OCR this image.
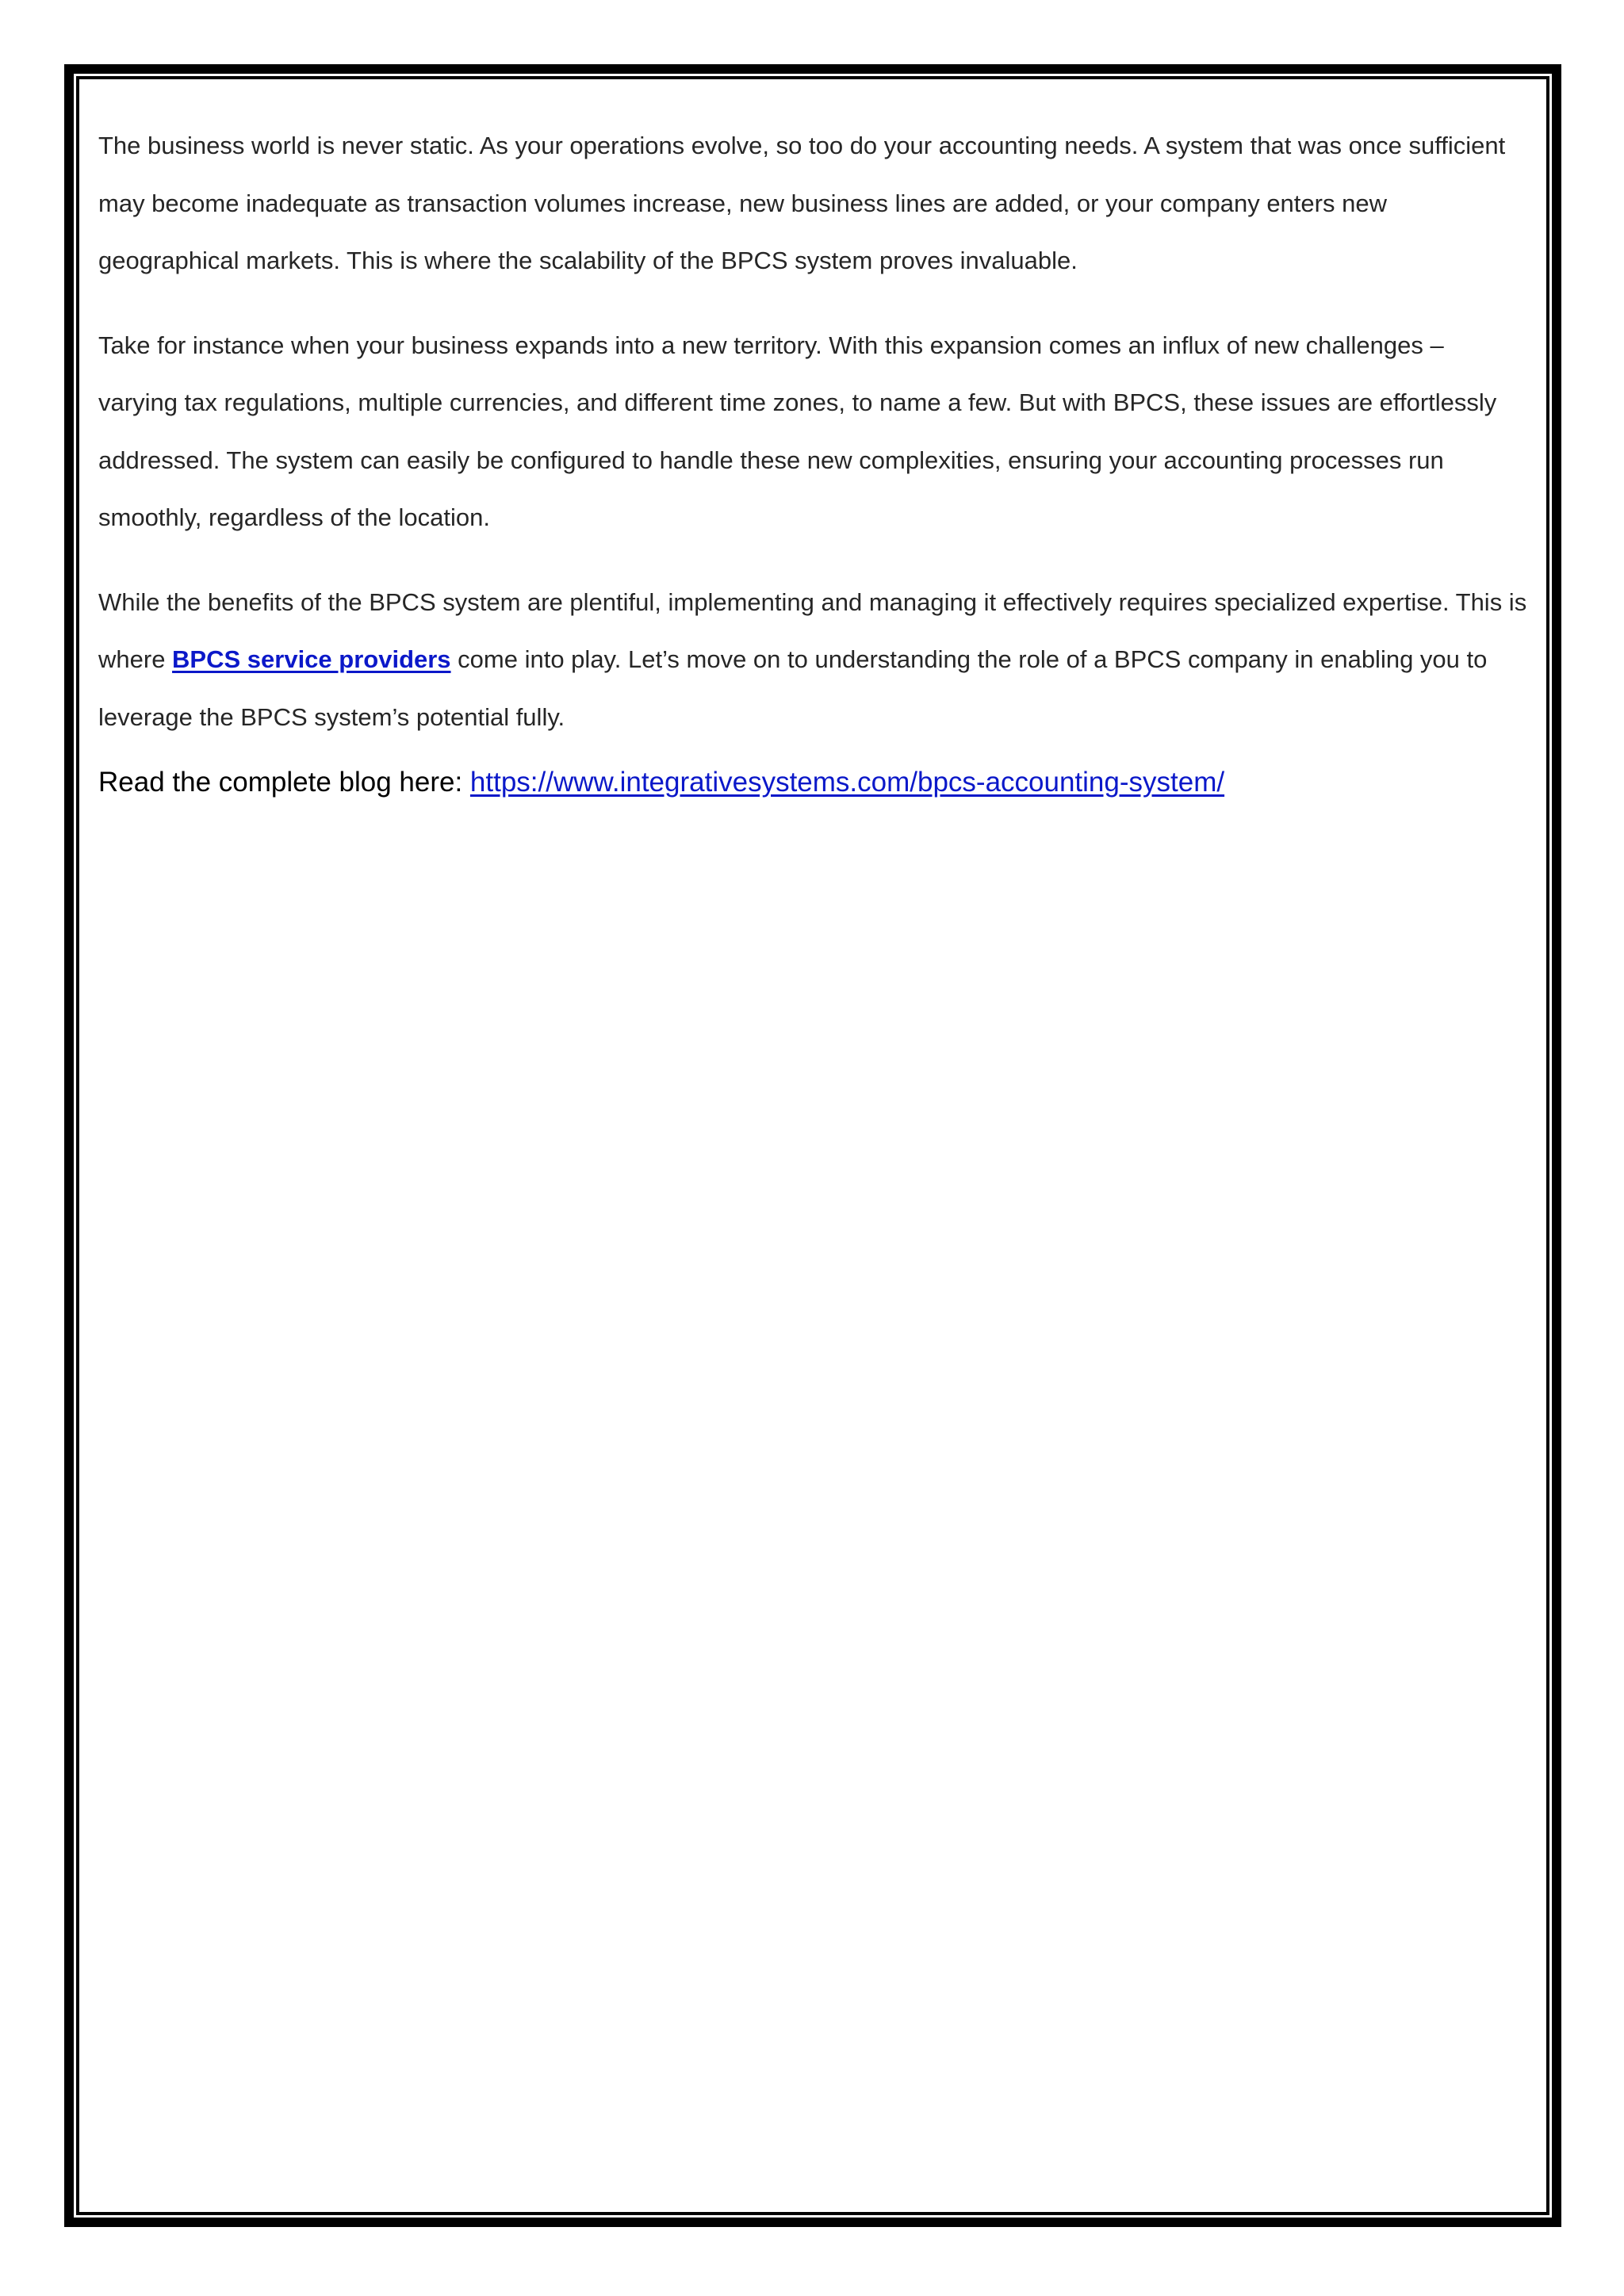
The business world is never static. As your operations evolve, so too do your accounting needs. A system that was once sufficient may become inadequate as transaction volumes increase, new business lines are added, or your company enters new geographical markets. This is where the scalability of the BPCS system proves invaluable.

Take for instance when your business expands into a new territory. With this expansion comes an influx of new challenges – varying tax regulations, multiple currencies, and different time zones, to name a few. But with BPCS, these issues are effortlessly addressed. The system can easily be configured to handle these new complexities, ensuring your accounting processes run smoothly, regardless of the location.

While the benefits of the BPCS system are plentiful, implementing and managing it effectively requires specialized expertise. This is where BPCS service providers come into play. Let’s move on to understanding the role of a BPCS company in enabling you to leverage the BPCS system’s potential fully.

Read the complete blog here: https://www.integrativesystems.com/bpcs-accounting-system/
